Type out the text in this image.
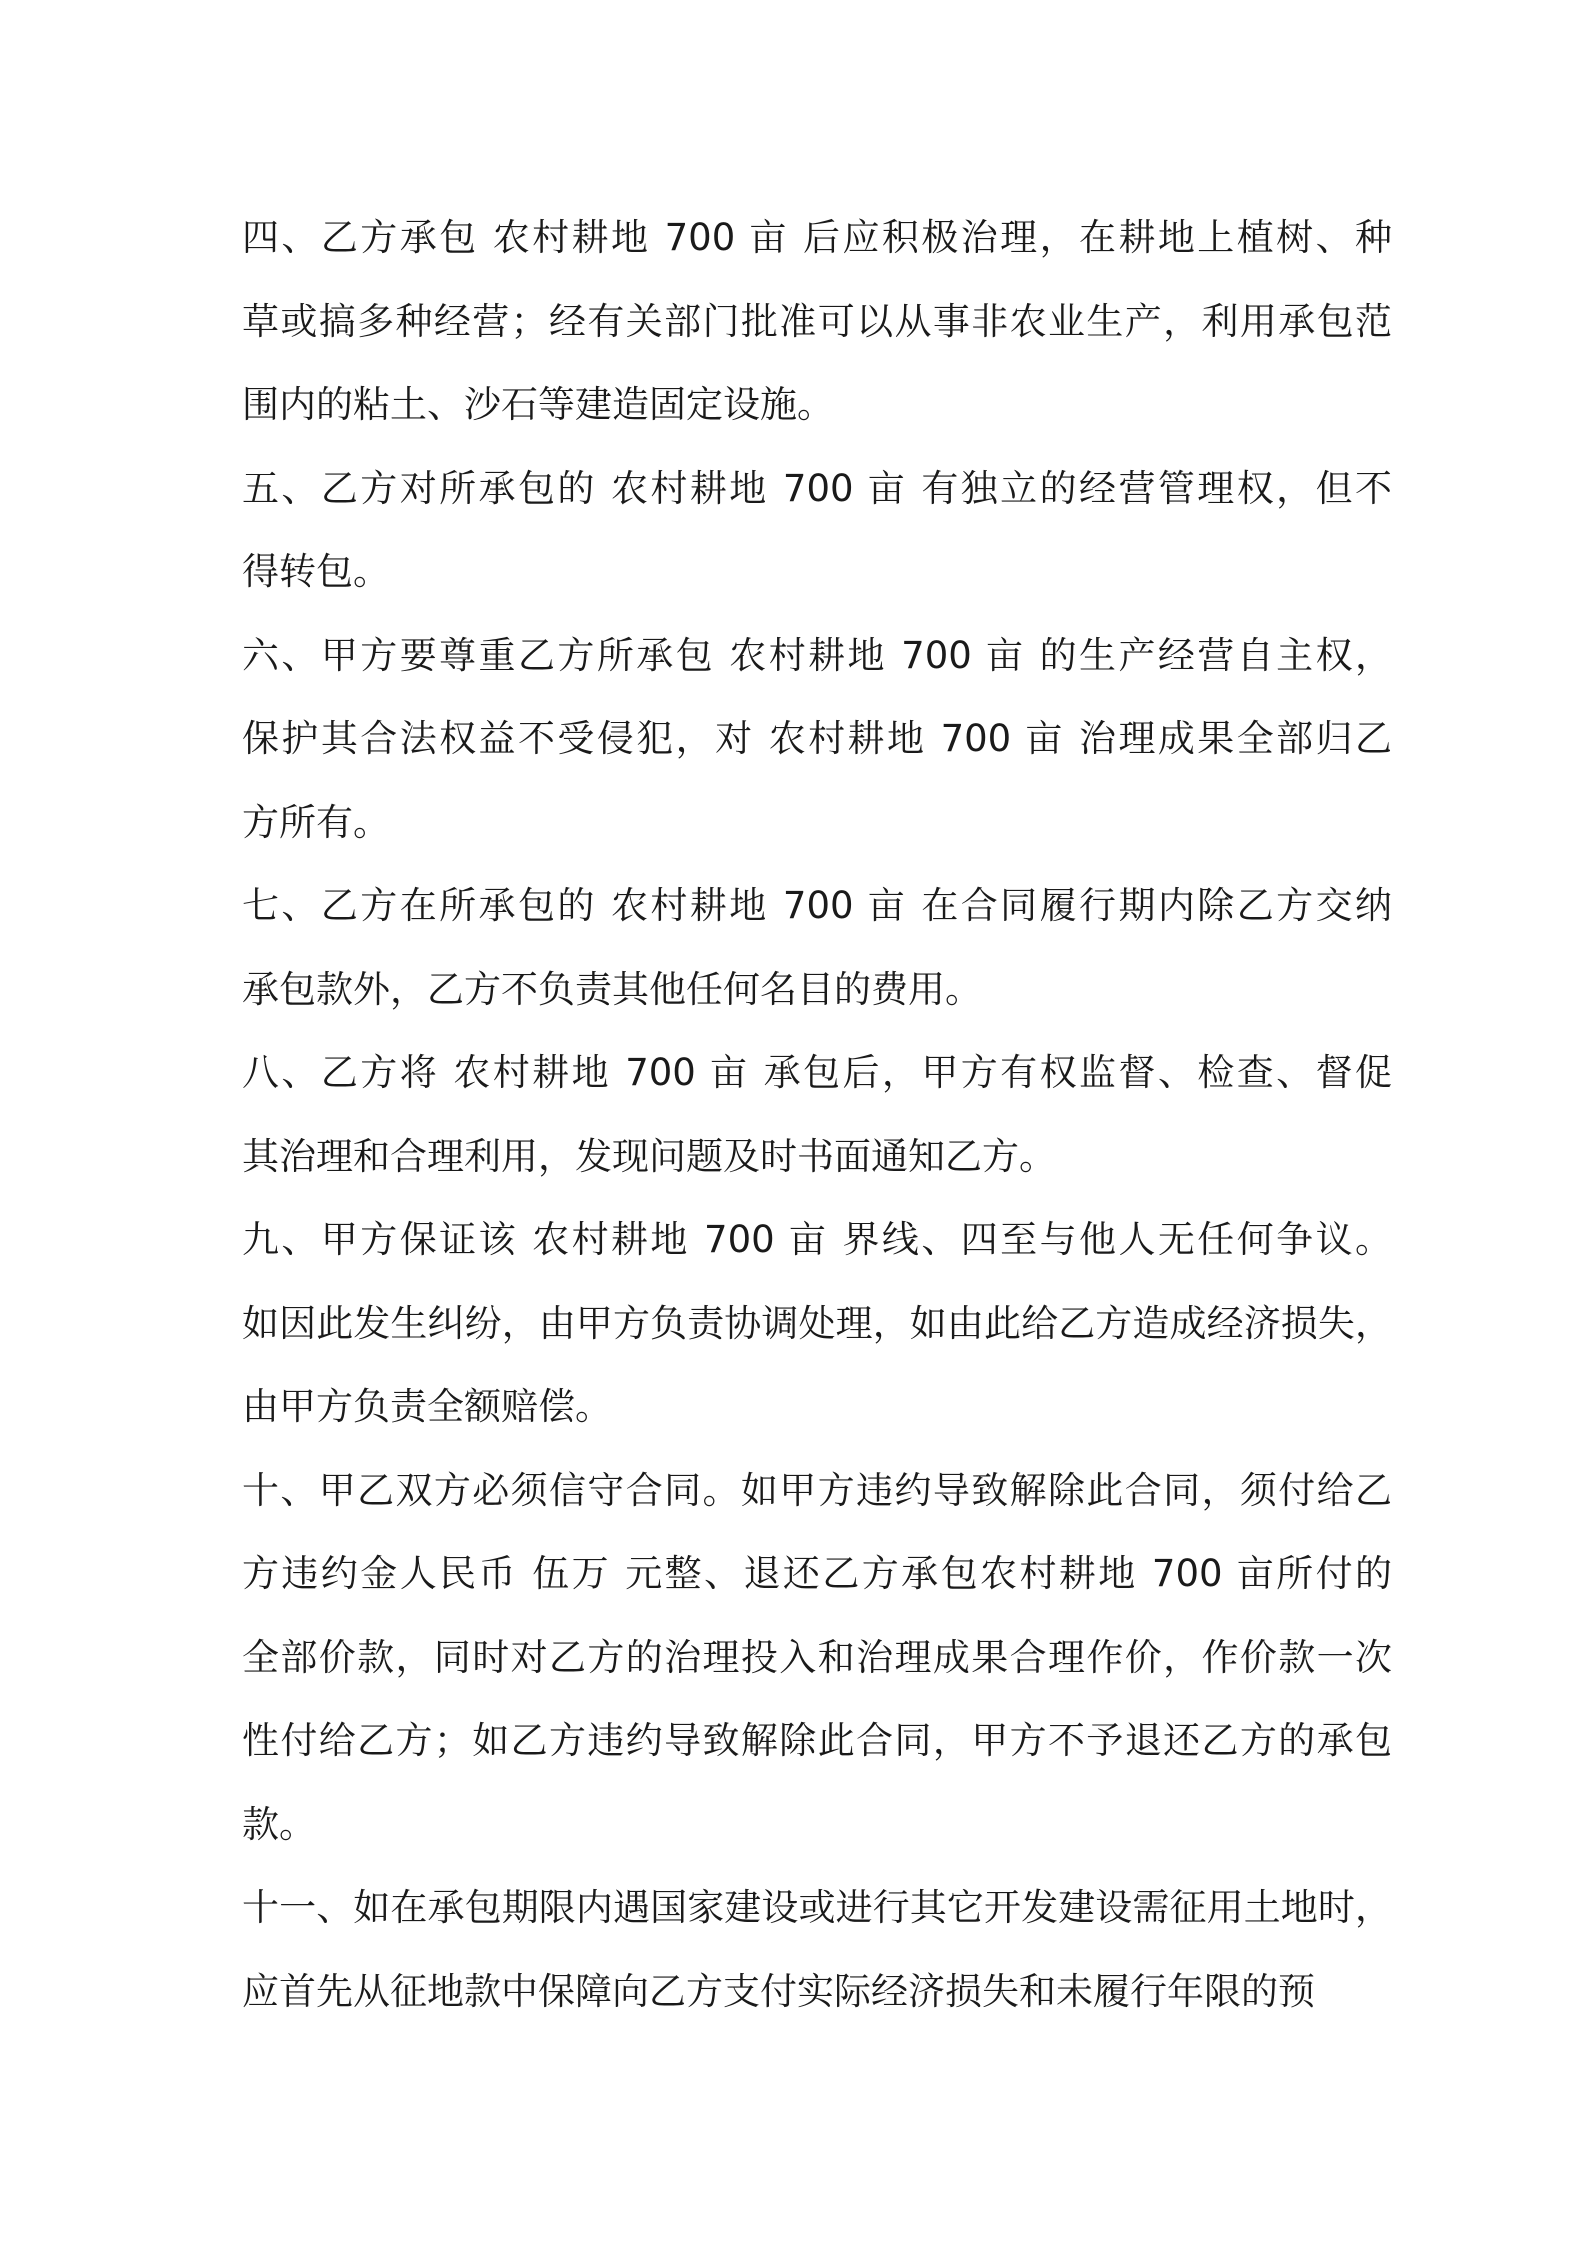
四、乙方承包 农村耕地 700 亩 后应积极治理，在耕地上植树、种
草或搞多种经营；经有关部门批准可以从事非农业生产，利用承包范
围内的粘土、沙石等建造固定设施。
五、乙方对所承包的 农村耕地 700 亩 有独立的经营管理权，但不
得转包。
六、甲方要尊重乙方所承包 农村耕地 700 亩 的生产经营自主权，
保护其合法权益不受侵犯，对 农村耕地 700 亩 治理成果全部归乙
方所有。
七、乙方在所承包的 农村耕地 700 亩 在合同履行期内除乙方交纳
承包款外，乙方不负责其他任何名目的费用。
八、乙方将 农村耕地 700 亩 承包后，甲方有权监督、检查、督促
其治理和合理利用，发现问题及时书面通知乙方。
九、甲方保证该 农村耕地 700 亩 界线、四至与他人无任何争议。
如因此发生纠纷，由甲方负责协调处理，如由此给乙方造成经济损失，
由甲方负责全额赔偿。
十、甲乙双方必须信守合同。如甲方违约导致解除此合同，须付给乙
方违约金人民币 伍万 元整、退还乙方承包农村耕地 700 亩所付的
全部价款，同时对乙方的治理投入和治理成果合理作价，作价款一次
性付给乙方；如乙方违约导致解除此合同，甲方不予退还乙方的承包
款。
十一、如在承包期限内遇国家建设或进行其它开发建设需征用土地时，
应首先从征地款中保障向乙方支付实际经济损失和未履行年限的预
